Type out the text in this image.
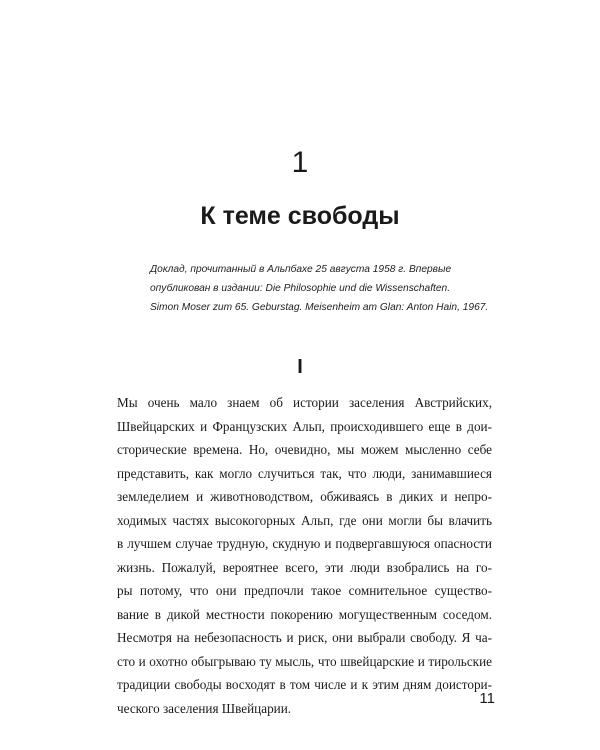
1
К теме свободы
Доклад, прочитанный в Альпбахе 25 августа 1958 г. Впервые
опубликован в издании: Die Philosophie und die Wissenschaften.
Simon Moser zum 65. Geburstag. Meisenheim am Glan: Anton Hain, 1967.
I
Мы очень мало знаем об истории заселения Австрийских,
Швейцарских и Французских Альп, происходившего еще в дои-
сторические времена. Но, очевидно, мы можем мысленно себе
представить, как могло случиться так, что люди, занимавшиеся
земледелием и животноводством, обживаясь в диких и непро-
ходимых частях высокогорных Альп, где они могли бы влачить
в лучшем случае трудную, скудную и подвергавшуюся опасности
жизнь. Пожалуй, вероятнее всего, эти люди взобрались на го-
ры потому, что они предпочли такое сомнительное существо-
вание в дикой местности покорению могущественным соседом.
Несмотря на небезопасность и риск, они выбрали свободу. Я ча-
сто и охотно обыгрываю ту мысль, что швейцарские и тирольские
традиции свободы восходят в том числе и к этим дням доистори-
ческого заселения Швейцарии.
11
